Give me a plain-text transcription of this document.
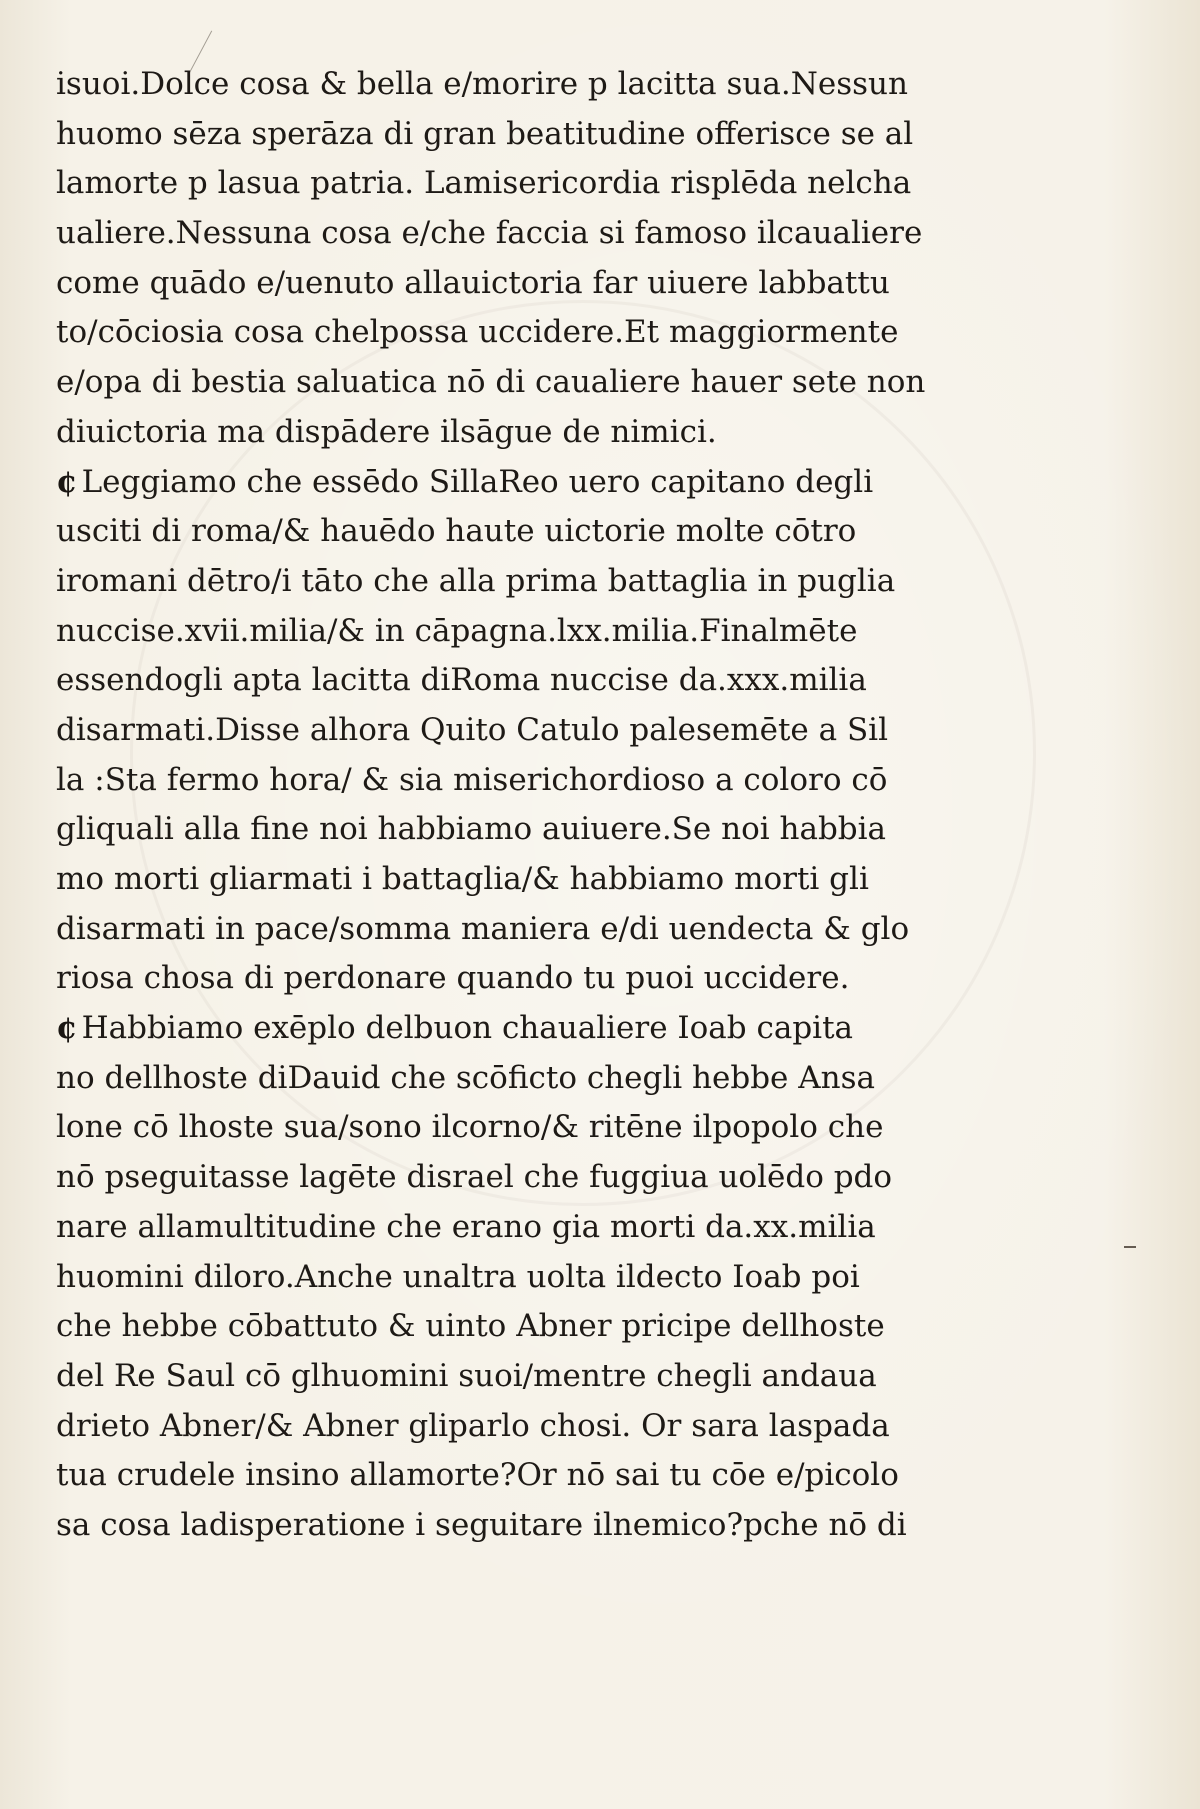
isuoi.Dolce cosa & bella e/morire p lacitta sua.Nessun
huomo sēza sperāza di gran beatitudine offerisce se al
lamorte p lasua patria. Lamisericordia risplēda nelcha
ualiere.Nessuna cosa e/che faccia si famoso ilcaualiere
come quādo e/uenuto allauictoria far uiuere labbattu
to/cōciosia cosa chelpossa uccidere.Et maggiormente
e/opa di bestia saluatica nō di caualiere hauer sete non
diuictoria ma dispādere ilsāgue de nimici.
¢ Leggiamo che essēdo SillaReo uero capitano degli
usciti di roma/& hauēdo haute uictorie molte cōtro
iromani dētro/i tāto che alla prima battaglia in puglia
nuccise.xvii.milia/& in cāpagna.lxx.milia.Finalmēte
essendogli apta lacitta diRoma nuccise da.xxx.milia
disarmati.Disse alhora Quito Catulo palesemēte a Sil
la :Sta fermo hora/ & sia miserichordioso a coloro cō
gliquali alla fine noi habbiamo auiuere.Se noi habbia
mo morti gliarmati i battaglia/& habbiamo morti gli
disarmati in pace/somma maniera e/di uendecta & glo
riosa chosa di perdonare quando tu puoi uccidere.
¢ Habbiamo exēplo delbuon chaualiere Ioab capita
no dellhoste diDauid che scōficto chegli hebbe Ansa
lone cō lhoste sua/sono ilcorno/& ritēne ilpopolo che
nō pseguitasse lagēte disrael che fuggiua uolēdo pdo
nare allamultitudine che erano gia morti da.xx.milia
huomini diloro.Anche unaltra uolta ildecto Ioab poi
che hebbe cōbattuto & uinto Abner pricipe dellhoste
del Re Saul cō glhuomini suoi/mentre chegli andaua
drieto Abner/& Abner gliparlo chosi. Or sara laspada
tua crudele insino allamorte?Or nō sai tu cōe e/picolo
sa cosa ladisperatione i seguitare ilnemico?pche nō di
